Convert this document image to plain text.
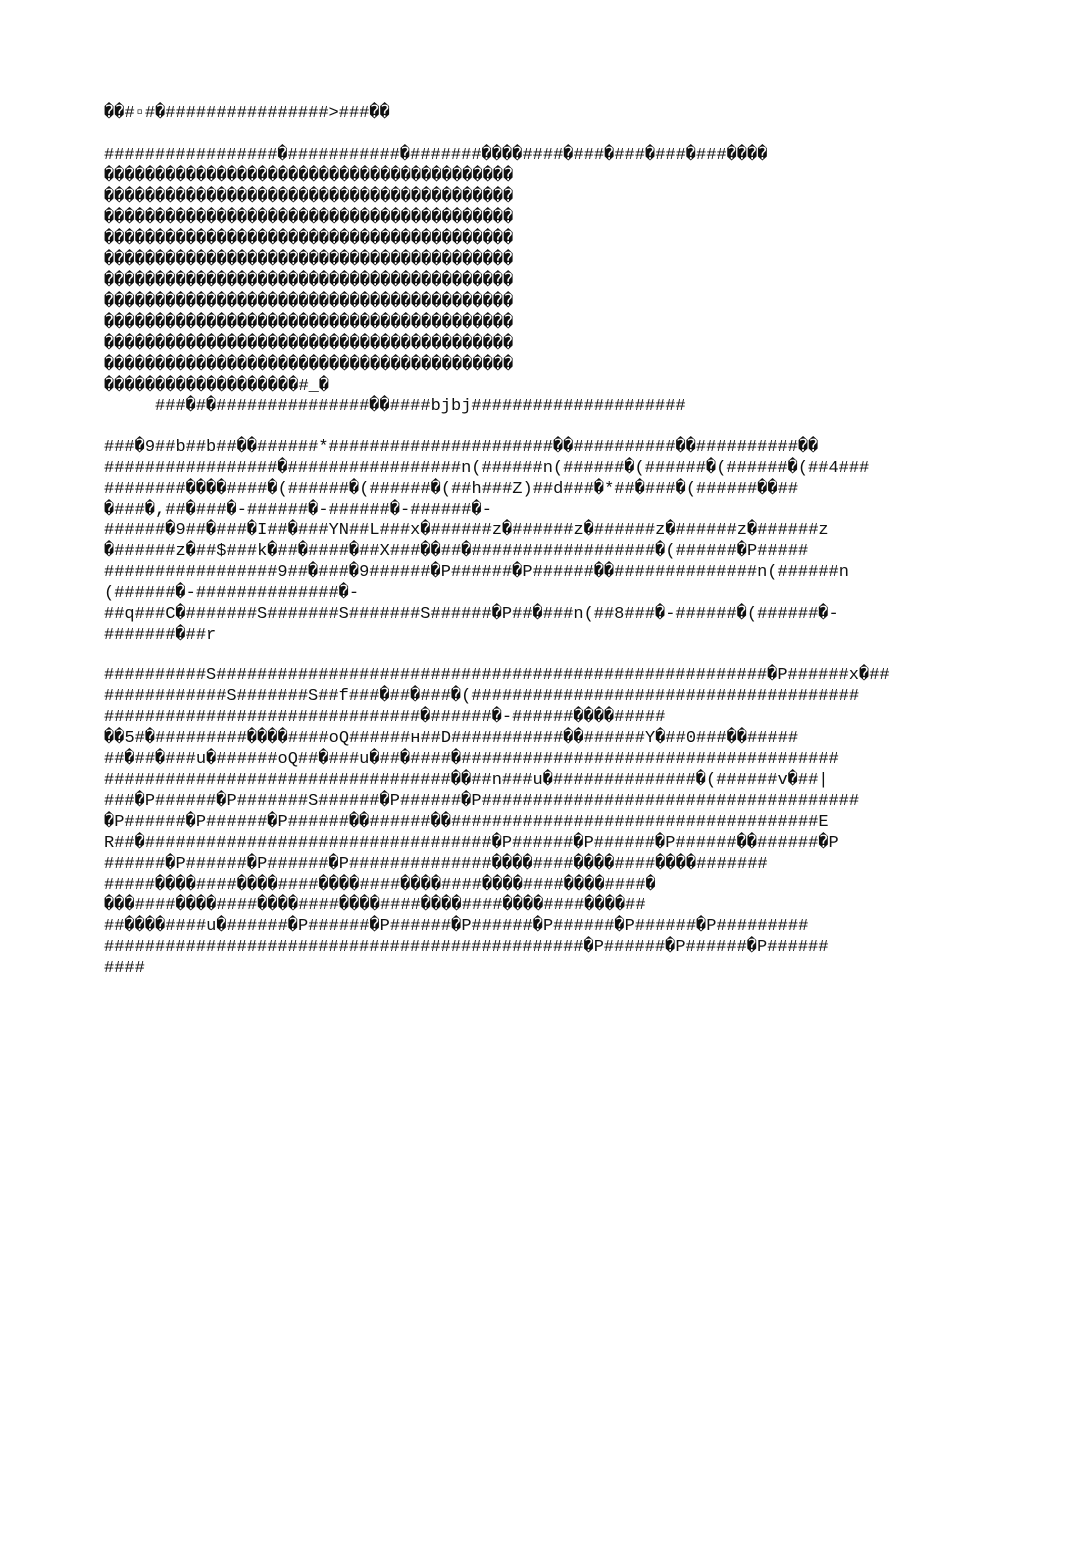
��#▫#�################>###��

#################�###########�#######����####�###�###�###�###����

����������������������������������������

����������������������������������������

����������������������������������������

����������������������������������������

����������������������������������������

����������������������������������������

����������������������������������������

����������������������������������������

����������������������������������������

����������������������������������������

�������������������#_�

###�#�###############��####bjbj#####################

###�9##b##b##��######*######################��##########��##########��

#################�#################n(######n(######�(######�(######�(##4###

########����####�(######�(######�(##h###Z)##d###�*##�###�(######��##

�###�,##�###�-######�-######�-######�-

######�9##�###�I##�###YN##L###x�######z�######z�######z�######z�######z

�######z�##$###k�##�####�##X###��##�##################�(######�P#####

#################9##�###�9######�P######�P######��##############n(######n

(######�-##############�-

##q###C�#######S#######S#######S######�P##�###n(##8###�-######�(######�-

#######�##r

##########S######################################################�P######x�##

############S#######S##f###�##�###�(######################################

###############################�######�-######����#####

��5#�#########����####oQ######ʜ##D###########��######Y�##0###��#####

##�##�###u�######oQ##�###u�##�####�#####################################

##################################��##n###u�##############�(######v�##|

###�P######�P#######S######�P######�P#####################################

�P######�P######�P######��######��####################################E

R##�##################################�P######�P######�P######��######�P

######�P######�P######�P##############����####����####����#######

#####����####����####����####����####����####����####�

���####����####����####����####����####����####����##

##����####u�######�P######�P######�P######�P######�P######�P#########

###############################################�P######�P######�P######

####
